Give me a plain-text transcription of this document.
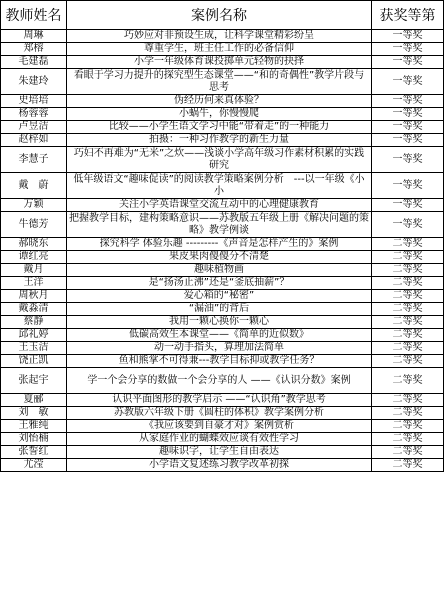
教师姓名	案例名称	获奖等第
周琳	巧妙应对非预设生成，让科学课堂精彩纷呈	一等奖
郑榕	尊重学生，班主任工作的必备信仰	一等奖
毛建磊	小学一年级体育课投掷单元轻物的抉择	一等奖
朱建玲	看眼于学习力提升的探究型生态课堂——“和的奇偶性”教学片段与思考	一等奖
史培培	伪经历何来真体验？	一等奖
杨蓉蓉	小蜗牛，你慢慢爬	一等奖
卢昱洁	比较——小学生语文学习中能“带着走”的一种能力	一等奖
赵梓如	拍摄：一种习作教学的新生力量	一等奖
李慧子	巧妇不再难为“无米”之炊——浅谈小学高年级习作素材积累的实践研究	一等奖
戴　蔚	低年级语文“趣味促读”的阅读教学策略案例分析　---以一年级《小小	一等奖
万颖	关注小学英语课堂交流互动中的心理健康教育	一等奖
牛德芳	把握教学目标，建构策略意识——苏教版五年级上册《解决问题的策略》教学例谈	一等奖
郝晓东	探究科学 体验乐趣 ---------《声音是怎样产生的》案例	二等奖
谭红亮	果皮果肉傻傻分不清楚	二等奖
戴月	趣味植物画	二等奖
王洋	是“扬汤止沸”还是“釜底抽薪”？	二等奖
周秋月	爱心箱的“秘密”	二等奖
戴淼清	“漏油”的背后	二等奖
蔡静	我用一颗心换你一颗心	二等奖
邱礼婷	低碳高效生本课堂——《简单的近似数》	二等奖
王玉洁	动一动手指头，算理加法简单	二等奖
饶正凯	鱼和熊掌不可得兼---教学目标抑或教学任务？	二等奖
张起宇	学一个会分享的数做一个会分享的人 ——《认识分数》案例	二等奖
夏郦	认识平面图形的教学启示 ——“认识角”教学思考	二等奖
刘　敏	苏教版六年级下册《圆柱的体积》教学案例分析	二等奖
王雅纯	《我应该要到自豪才对》案例赏析	二等奖
刘怡楠	从家庭作业的蝴蝶效应谈有效性学习	二等奖
张誓红	趣味识字，让学生自由表达	二等奖
尤滢	小学语文复述练习教学改革初探	二等奖
